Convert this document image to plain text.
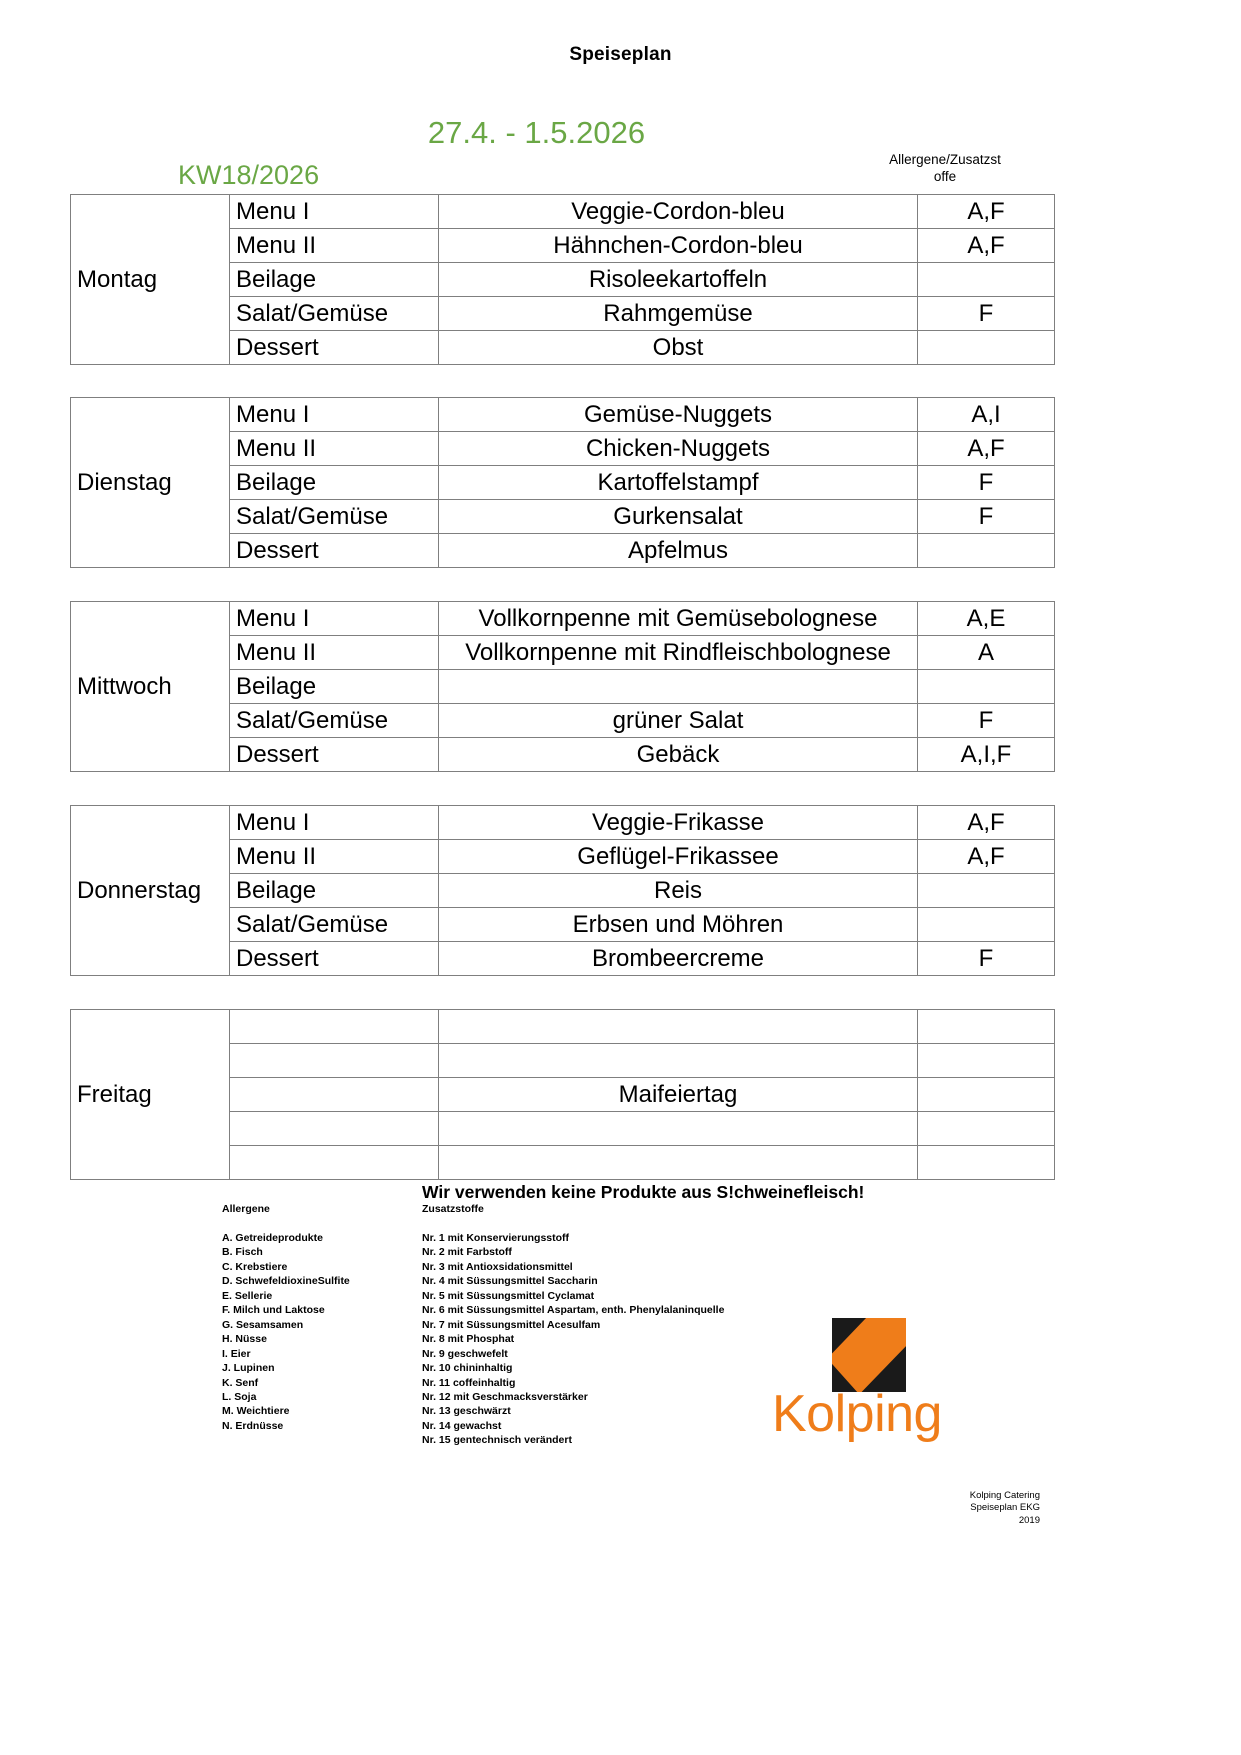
Speiseplan
27.4. - 1.5.2026
KW18/2026
Allergene/Zusatzst
offe
Montag	Menu I	Veggie-Cordon-bleu	A,F
	Menu II	Hähnchen-Cordon-bleu	A,F
	Beilage	Risoleekartoffeln	
	Salat/Gemüse	Rahmgemüse	F
	Dessert	Obst	
Dienstag	Menu I	Gemüse-Nuggets	A,I
	Menu II	Chicken-Nuggets	A,F
	Beilage	Kartoffelstampf	F
	Salat/Gemüse	Gurkensalat	F
	Dessert	Apfelmus	
Mittwoch	Menu I	Vollkornpenne mit Gemüsebolognese	A,E
	Menu II	Vollkornpenne mit Rindfleischbolognese	A
	Beilage		
	Salat/Gemüse	grüner Salat	F
	Dessert	Gebäck	A,I,F
Donnerstag	Menu I	Veggie-Frikasse	A,F
	Menu II	Geflügel-Frikassee	A,F
	Beilage	Reis	
	Salat/Gemüse	Erbsen und Möhren	
	Dessert	Brombeercreme	F
Freitag			

		Maifeiertag	

Wir verwenden keine Produkte aus S!chweinefleisch!
Allergene	Zusatzstoffe
A. Getreideprodukte
B. Fisch
C. Krebstiere
D. SchwefeldioxineSulfite
E. Sellerie
F. Milch und Laktose
G. Sesamsamen
H. Nüsse
I. Eier
J. Lupinen
K. Senf
L. Soja
M. Weichtiere
N. Erdnüsse
Nr. 1 mit Konservierungsstoff
Nr. 2 mit Farbstoff
Nr. 3 mit Antioxsidationsmittel
Nr. 4 mit Süssungsmittel Saccharin
Nr. 5 mit Süssungsmittel Cyclamat
Nr. 6 mit Süssungsmittel Aspartam, enth. Phenylalaninquelle
Nr. 7 mit Süssungsmittel Acesulfam
Nr. 8 mit Phosphat
Nr. 9 geschwefelt
Nr. 10 chininhaltig
Nr. 11 coffeinhaltig
Nr. 12 mit Geschmacksverstärker
Nr. 13 geschwärzt
Nr. 14 gewachst
Nr. 15 gentechnisch verändert	Kolping
Kolping Catering
Speiseplan EKG
2019
